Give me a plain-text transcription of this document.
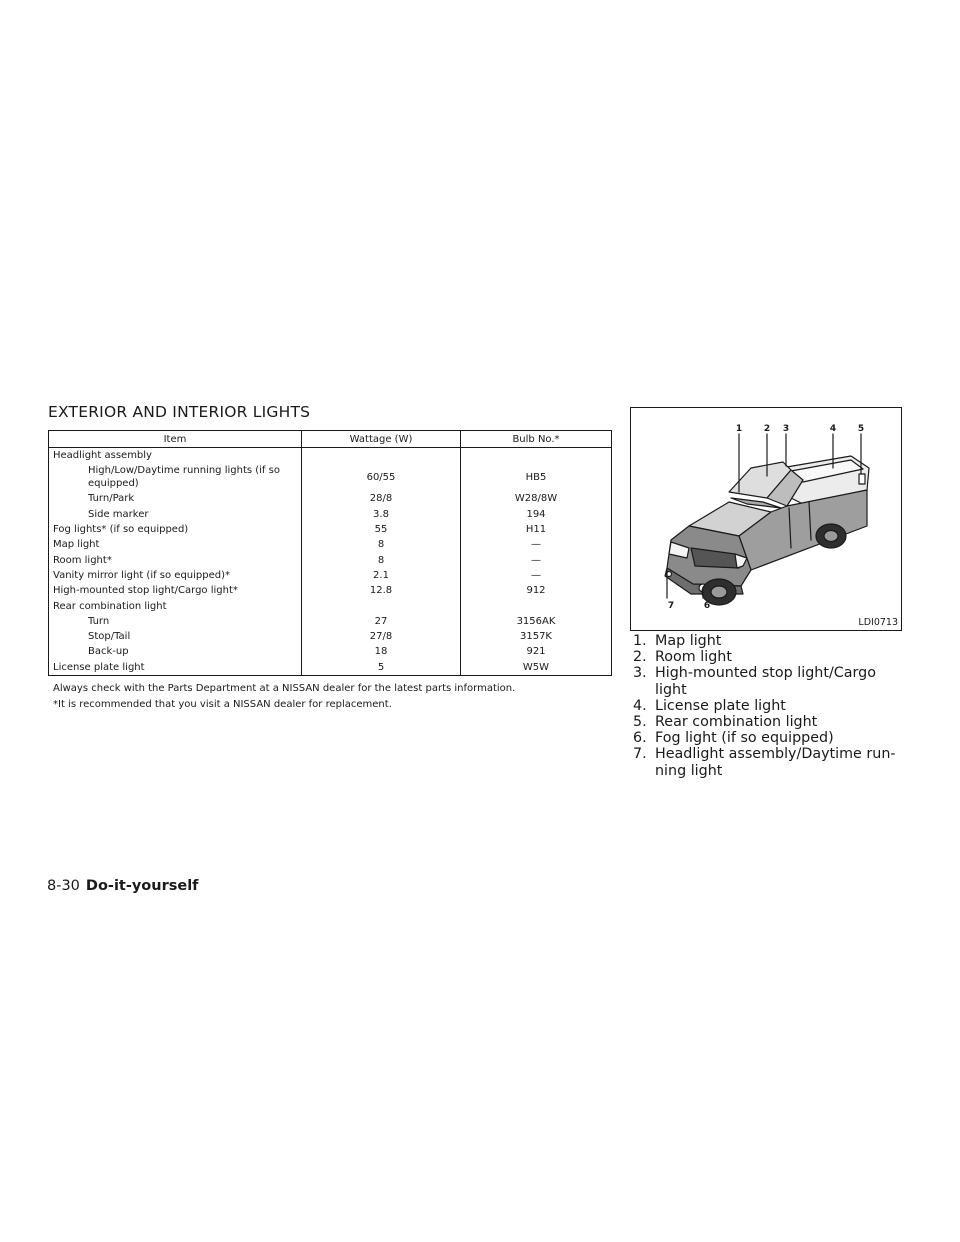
EXTERIOR AND INTERIOR LIGHTS
Item	Wattage (W)	Bulb No.*
Headlight assembly		
High/Low/Daytime running lights (if so equipped)	60/55	HB5
Turn/Park	28/8	W28/8W
Side marker	3.8	194
Fog lights* (if so equipped)	55	H11
Map light	8	—
Room light*	8	—
Vanity mirror light (if so equipped)*	2.1	—
High-mounted stop light/Cargo light*	12.8	912
Rear combination light		
Turn	27	3156AK
Stop/Tail	27/8	3157K
Back-up	18	921
License plate light	5	W5W

Always check with the Parts Department at a NISSAN dealer for the latest parts information.

*It is recommended that you visit a NISSAN dealer for replacement.

1 2 3	4 5
6
7
LDI0713
1. Map light
2. Room light
3. High-mounted stop light/Cargo light
4. License plate light
5. Rear combination light
6. Fog light (if so equipped)
7. Headlight assembly/Daytime run- ning light
8-30 Do-it-yourself
